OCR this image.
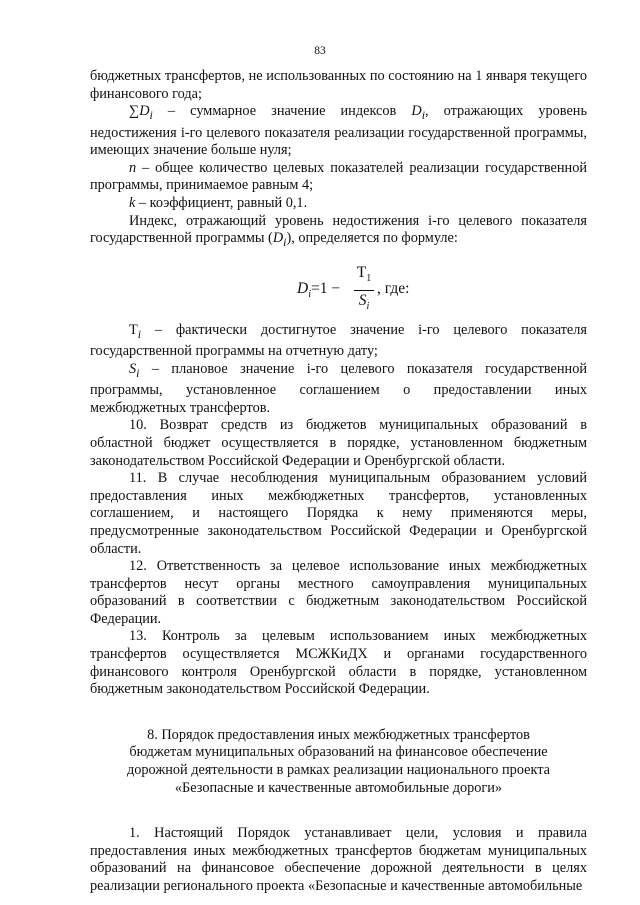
83

бюджетных трансфертов, не использованных по состоянию на 1 января текущего финансового года;

$\sum D_i$ – суммарное значение индексов $D_i$, отражающих уровень недостижения i-го целевого показателя реализации государственной программы, имеющих значение больше нуля;

n – общее количество целевых показателей реализации государственной программы, принимаемое равным 4;

k – коэффициент, равный 0,1.

Индекс, отражающий уровень недостижения i-го целевого показателя государственной программы $(D_i)$, определяется по формуле:

$D_i=1$ −
$T_1$
$S_i$
, где:

$T_i$ – фактически достигнутое значение i-го целевого показателя государственной программы на отчетную дату;

$S_i$ – плановое значение i-го целевого показателя государственной программы, установленное соглашением о предоставлении иных межбюджетных трансфертов.

10. Возврат средств из бюджетов муниципальных образований в областной бюджет осуществляется в порядке, установленном бюджетным законодательством Российской Федерации и Оренбургской области.

11. В случае несоблюдения муниципальным образованием условий предоставления иных межбюджетных трансфертов, установленных соглашением, и настоящего Порядка к нему применяются меры, предусмотренные законодательством Российской Федерации и Оренбургской области.

12. Ответственность за целевое использование иных межбюджетных трансфертов несут органы местного самоуправления муниципальных образований в соответствии с бюджетным законодательством Российской Федерации.

13. Контроль за целевым использованием иных межбюджетных трансфертов осуществляется МСЖКиДХ и органами государственного финансового контроля Оренбургской области в порядке, установленном бюджетным законодательством Российской Федерации.

8. Порядок предоставления иных межбюджетных трансфертов
бюджетам муниципальных образований на финансовое обеспечение
дорожной деятельности в рамках реализации национального проекта
«Безопасные и качественные автомобильные дороги»

1. Настоящий Порядок устанавливает цели, условия и правила предоставления иных межбюджетных трансфертов бюджетам муниципальных образований на финансовое обеспечение дорожной деятельности в целях реализации регионального проекта «Безопасные и качественные автомобильные
